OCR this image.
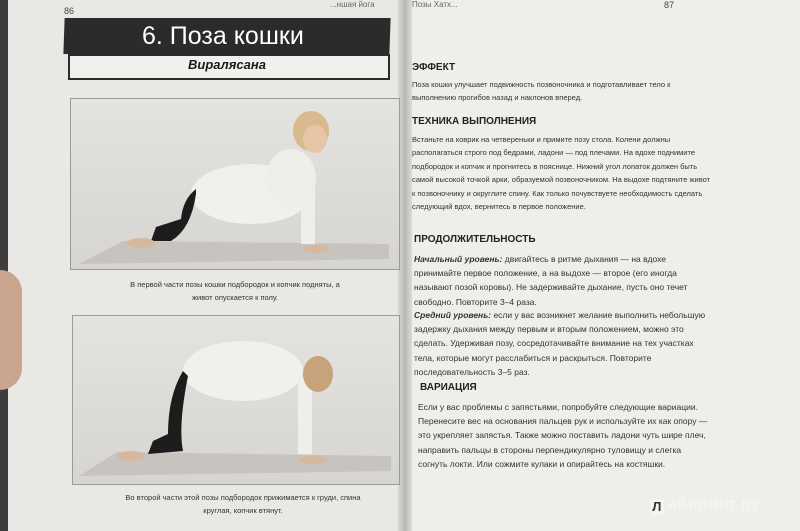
86
...ншая йога
6. Поза кошки
Виралясана
В первой части позы кошки подбородок и копчик подняты, а живот опускается к полу.
Во второй части этой позы подбородок прижимается к груди, спина круглая, копчик втянут.
Позы Хатх...	87
ЭФФЕКТ

Поза кошки улучшает подвижность позвоночника и подготавливает тело к выполнению прогибов назад и наклонов вперед.

ТЕХНИКА ВЫПОЛНЕНИЯ

Встаньте на коврик на четвереньки и примите позу стола. Колени должны располагаться строго под бедрами, ладони — под плечами. На вдохе поднимите подбородок и копчик и прогнитесь в пояснице. Нижний угол лопаток должен быть самой высокой точкой арки, образуемой позвоночником. На выдохе подтяните живот к позвоночнику и округлите спину. Как только почувствуете необходимость сделать следующий вдох, вернитесь в первое положение.

ПРОДОЛЖИТЕЛЬНОСТЬ

Начальный уровень: двигайтесь в ритме дыхания — на вдохе принимайте первое положение, а на выдохе — второе (его иногда называют позой коровы). Не задерживайте дыхание, пусть оно течет свободно. Повторите 3–4 раза.

Средний уровень: если у вас возникнет желание выполнить небольшую задержку дыхания между первым и вторым положением, можно это сделать. Удерживая позу, сосредотачивайте внимание на тех участках тела, которые могут расслабиться и раскрыться. Повторите последовательность 3–5 раз.

ВАРИАЦИЯ

Если у вас проблемы с запястьями, попробуйте следующие вариации. Перенесите вес на основания пальцев рук и используйте их как опору — это укрепляет запястья. Также можно поставить ладони чуть шире плеч, направить пальцы в стороны перпендикулярно туловищу и слегка согнуть локти. Или сожмите кулаки и опирайтесь на костяшки.

Л абиринт.ру
